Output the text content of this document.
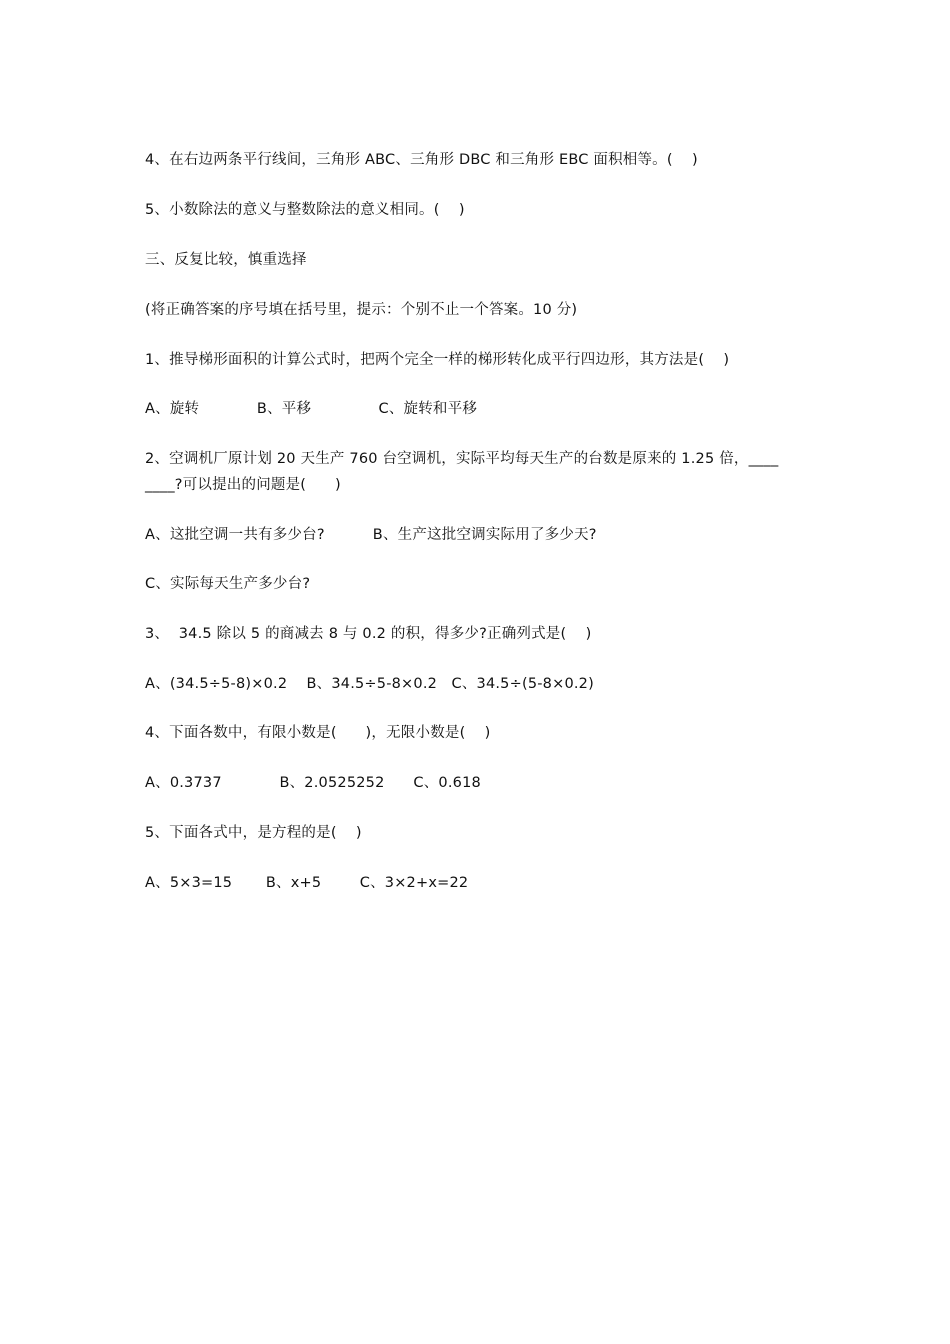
4、在右边两条平行线间，三角形 ABC、三角形 DBC 和三角形 EBC 面积相等。(    )
5、小数除法的意义与整数除法的意义相同。(    )
三、反复比较，慎重选择
(将正确答案的序号填在括号里，提示：个别不止一个答案。10 分)
1、推导梯形面积的计算公式时，把两个完全一样的梯形转化成平行四边形，其方法是(    )
A、旋转            B、平移              C、旋转和平移
2、空调机厂原计划 20 天生产 760 台空调机，实际平均每天生产的台数是原来的 1.25 倍，____
____?可以提出的问题是(      )
A、这批空调一共有多少台?          B、生产这批空调实际用了多少天?
C、实际每天生产多少台?
3、  34.5 除以 5 的商减去 8 与 0.2 的积，得多少?正确列式是(    )
A、(34.5÷5-8)×0.2    B、34.5÷5-8×0.2   C、34.5÷(5-8×0.2)
4、下面各数中，有限小数是(      )，无限小数是(    )
A、0.3737            B、2.0525252      C、0.618
5、下面各式中，是方程的是(    )
A、5×3=15       B、x+5        C、3×2+x=22
